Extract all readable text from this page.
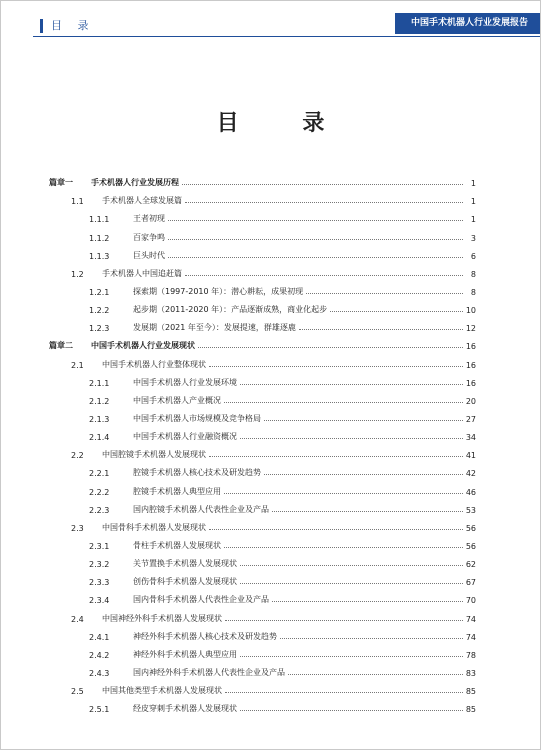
目 录	中国手术机器人行业发展报告
目 录
篇章一	手术机器人行业发展历程	1
1.1	手术机器人全球发展篇	1
1.1.1	王者初现	1
1.1.2	百家争鸣	3
1.1.3	巨头时代	6
1.2	手术机器人中国追赶篇	8
1.2.1	探索期（1997-2010 年）：潜心耕耘，成果初现	8
1.2.2	起步期（2011-2020 年）：产品逐渐成熟，商业化起步	10
1.2.3	发展期（2021 年至今）：发展提速，群雄逐鹿	12
篇章二	中国手术机器人行业发展现状	16
2.1	中国手术机器人行业整体现状	16
2.1.1	中国手术机器人行业发展环境	16
2.1.2	中国手术机器人产业概况	20
2.1.3	中国手术机器人市场规模及竞争格局	27
2.1.4	中国手术机器人行业融资概况	34
2.2	中国腔镜手术机器人发展现状	41
2.2.1	腔镜手术机器人核心技术及研发趋势	42
2.2.2	腔镜手术机器人典型应用	46
2.2.3	国内腔镜手术机器人代表性企业及产品	53
2.3	中国骨科手术机器人发展现状	56
2.3.1	骨柱手术机器人发展现状	56
2.3.2	关节置换手术机器人发展现状	62
2.3.3	创伤骨科手术机器人发展现状	67
2.3.4	国内骨科手术机器人代表性企业及产品	70
2.4	中国神经外科手术机器人发展现状	74
2.4.1	神经外科手术机器人核心技术及研发趋势	74
2.4.2	神经外科手术机器人典型应用	78
2.4.3	国内神经外科手术机器人代表性企业及产品	83
2.5	中国其他类型手术机器人发展现状	85
2.5.1	经皮穿刺手术机器人发展现状	85
